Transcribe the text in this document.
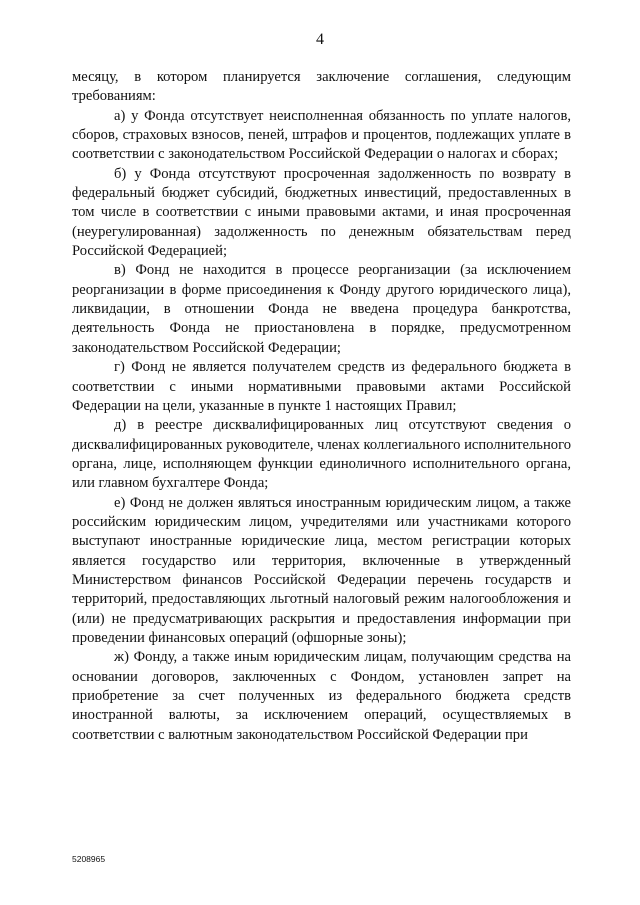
4

месяцу, в котором планируется заключение соглашения, следующим требованиям:

а) у Фонда отсутствует неисполненная обязанность по уплате налогов, сборов, страховых взносов, пеней, штрафов и процентов, подлежащих уплате в соответствии с законодательством Российской Федерации о налогах и сборах;

б) у Фонда отсутствуют просроченная задолженность по возврату в федеральный бюджет субсидий, бюджетных инвестиций, предоставленных в том числе в соответствии с иными правовыми актами, и иная просроченная (неурегулированная) задолженность по денежным обязательствам перед Российской Федерацией;

в) Фонд не находится в процессе реорганизации (за исключением реорганизации в форме присоединения к Фонду другого юридического лица), ликвидации, в отношении Фонда не введена процедура банкротства, деятельность Фонда не приостановлена в порядке, предусмотренном законодательством Российской Федерации;

г) Фонд не является получателем средств из федерального бюджета в соответствии с иными нормативными правовыми актами Российской Федерации на цели, указанные в пункте 1 настоящих Правил;

д) в реестре дисквалифицированных лиц отсутствуют сведения о дисквалифицированных руководителе, членах коллегиального исполнительного органа, лице, исполняющем функции единоличного исполнительного органа, или главном бухгалтере Фонда;

е) Фонд не должен являться иностранным юридическим лицом, а также российским юридическим лицом, учредителями или участниками которого выступают иностранные юридические лица, местом регистрации которых является государство или территория, включенные в утвержденный Министерством финансов Российской Федерации перечень государств и территорий, предоставляющих льготный налоговый режим налогообложения и (или) не предусматривающих раскрытия и предоставления информации при проведении финансовых операций (офшорные зоны);

ж) Фонду, а также иным юридическим лицам, получающим средства на основании договоров, заключенных с Фондом, установлен запрет на приобретение за счет полученных из федерального бюджета средств иностранной валюты, за исключением операций, осуществляемых в соответствии с валютным законодательством Российской Федерации при

5208965
